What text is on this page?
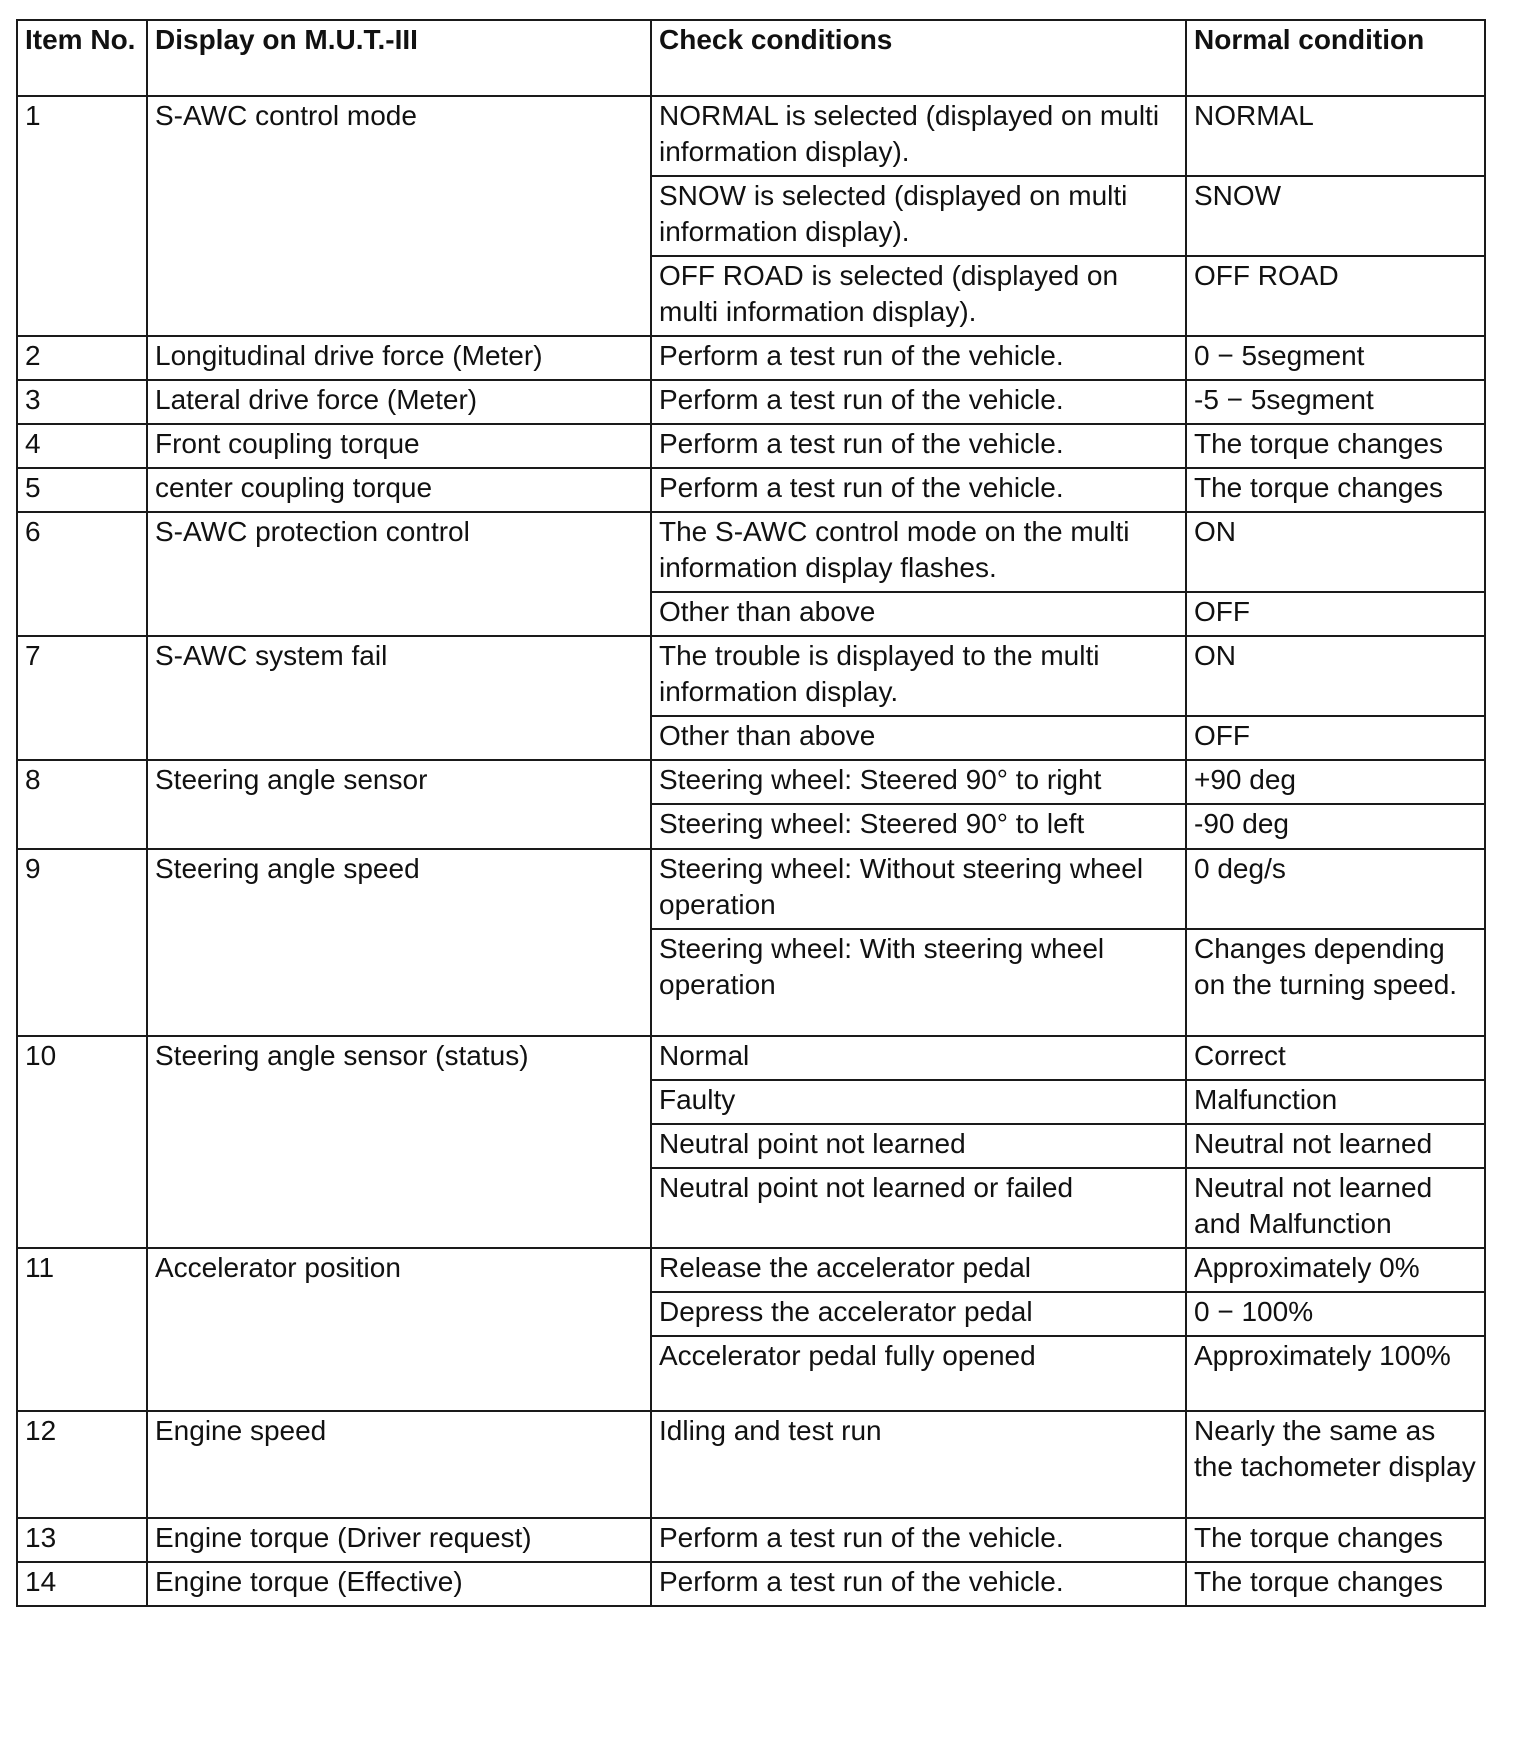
Item No.	Display on M.U.T.-III	Check conditions	Normal condition
1	S-AWC control mode	NORMAL is selected (displayed on multi information display).	NORMAL
		SNOW is selected (displayed on multi information display).	SNOW
		OFF ROAD is selected (displayed on multi information display).	OFF ROAD
2	Longitudinal drive force (Meter)	Perform a test run of the vehicle.	0 − 5segment
3	Lateral drive force (Meter)	Perform a test run of the vehicle.	-5 − 5segment
4	Front coupling torque	Perform a test run of the vehicle.	The torque changes
5	center coupling torque	Perform a test run of the vehicle.	The torque changes
6	S-AWC protection control	The S-AWC control mode on the multi information display flashes.	ON
		Other than above	OFF
7	S-AWC system fail	The trouble is displayed to the multi information display.	ON
		Other than above	OFF
8	Steering angle sensor	Steering wheel: Steered 90° to right	+90 deg
		Steering wheel: Steered 90° to left	-90 deg
9	Steering angle speed	Steering wheel: Without steering wheel operation	0 deg/s
		Steering wheel: With steering wheel operation	Changes depending on the turning speed.
10	Steering angle sensor (status)	Normal	Correct
		Faulty	Malfunction
		Neutral point not learned	Neutral not learned
		Neutral point not learned or failed	Neutral not learned and Malfunction
11	Accelerator position	Release the accelerator pedal	Approximately 0%
		Depress the accelerator pedal	0 − 100%
		Accelerator pedal fully opened	Approximately 100%
12	Engine speed	Idling and test run	Nearly the same as the tachometer display
13	Engine torque (Driver request)	Perform a test run of the vehicle.	The torque changes
14	Engine torque (Effective)	Perform a test run of the vehicle.	The torque changes
